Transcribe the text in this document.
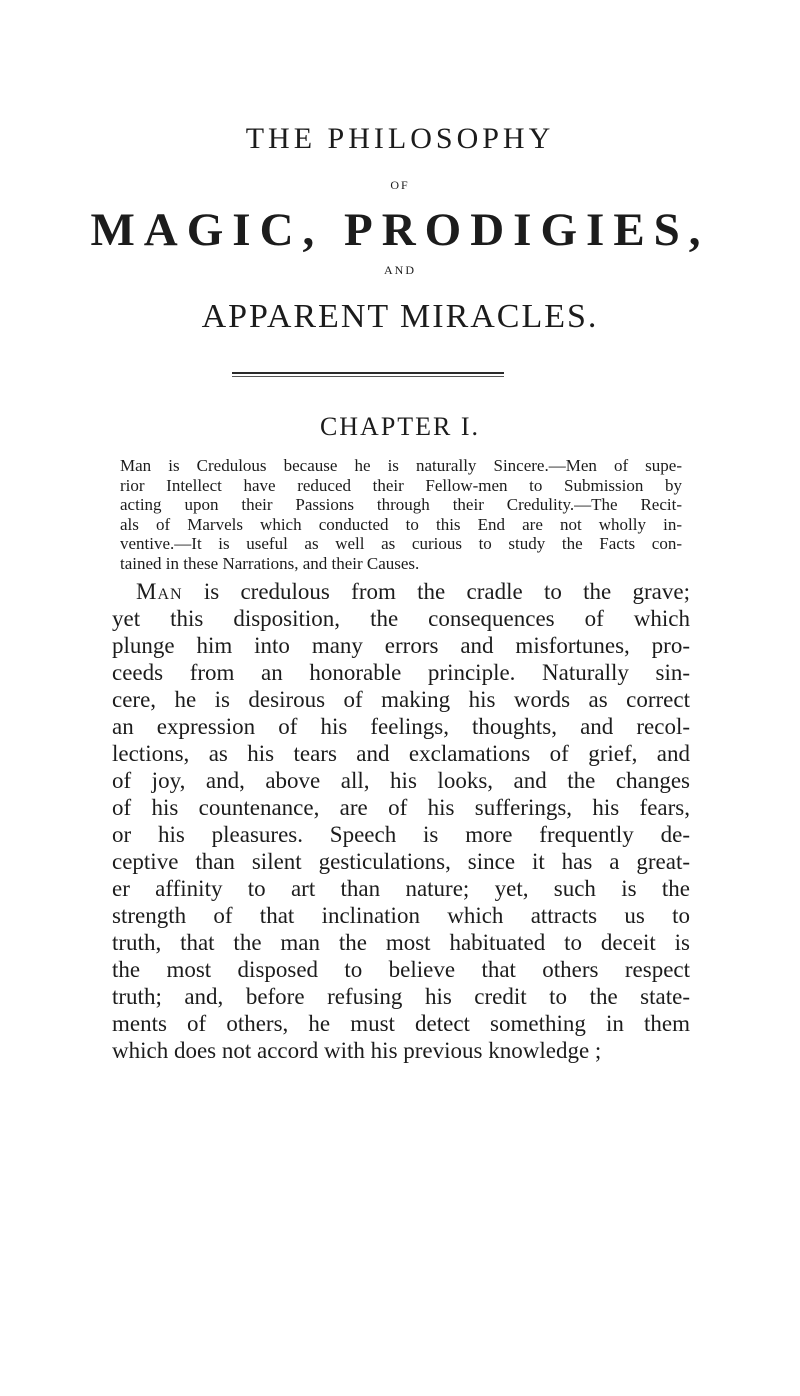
THE PHILOSOPHY
OF
MAGIC, PRODIGIES,
AND
APPARENT MIRACLES.
CHAPTER I.
Man is Credulous because he is naturally Sincere.—Men of supe-
rior Intellect have reduced their Fellow-men to Submission by
acting upon their Passions through their Credulity.—The Recit-
als of Marvels which conducted to this End are not wholly in-
ventive.—It is useful as well as curious to study the Facts con-
tained in these Narrations, and their Causes.
Man is credulous from the cradle to the grave;
yet this disposition, the consequences of which
plunge him into many errors and misfortunes, pro-
ceeds from an honorable principle. Naturally sin-
cere, he is desirous of making his words as correct
an expression of his feelings, thoughts, and recol-
lections, as his tears and exclamations of grief, and
of joy, and, above all, his looks, and the changes
of his countenance, are of his sufferings, his fears,
or his pleasures. Speech is more frequently de-
ceptive than silent gesticulations, since it has a great-
er affinity to art than nature; yet, such is the
strength of that inclination which attracts us to
truth, that the man the most habituated to deceit is
the most disposed to believe that others respect
truth; and, before refusing his credit to the state-
ments of others, he must detect something in them
which does not accord with his previous knowledge ;
